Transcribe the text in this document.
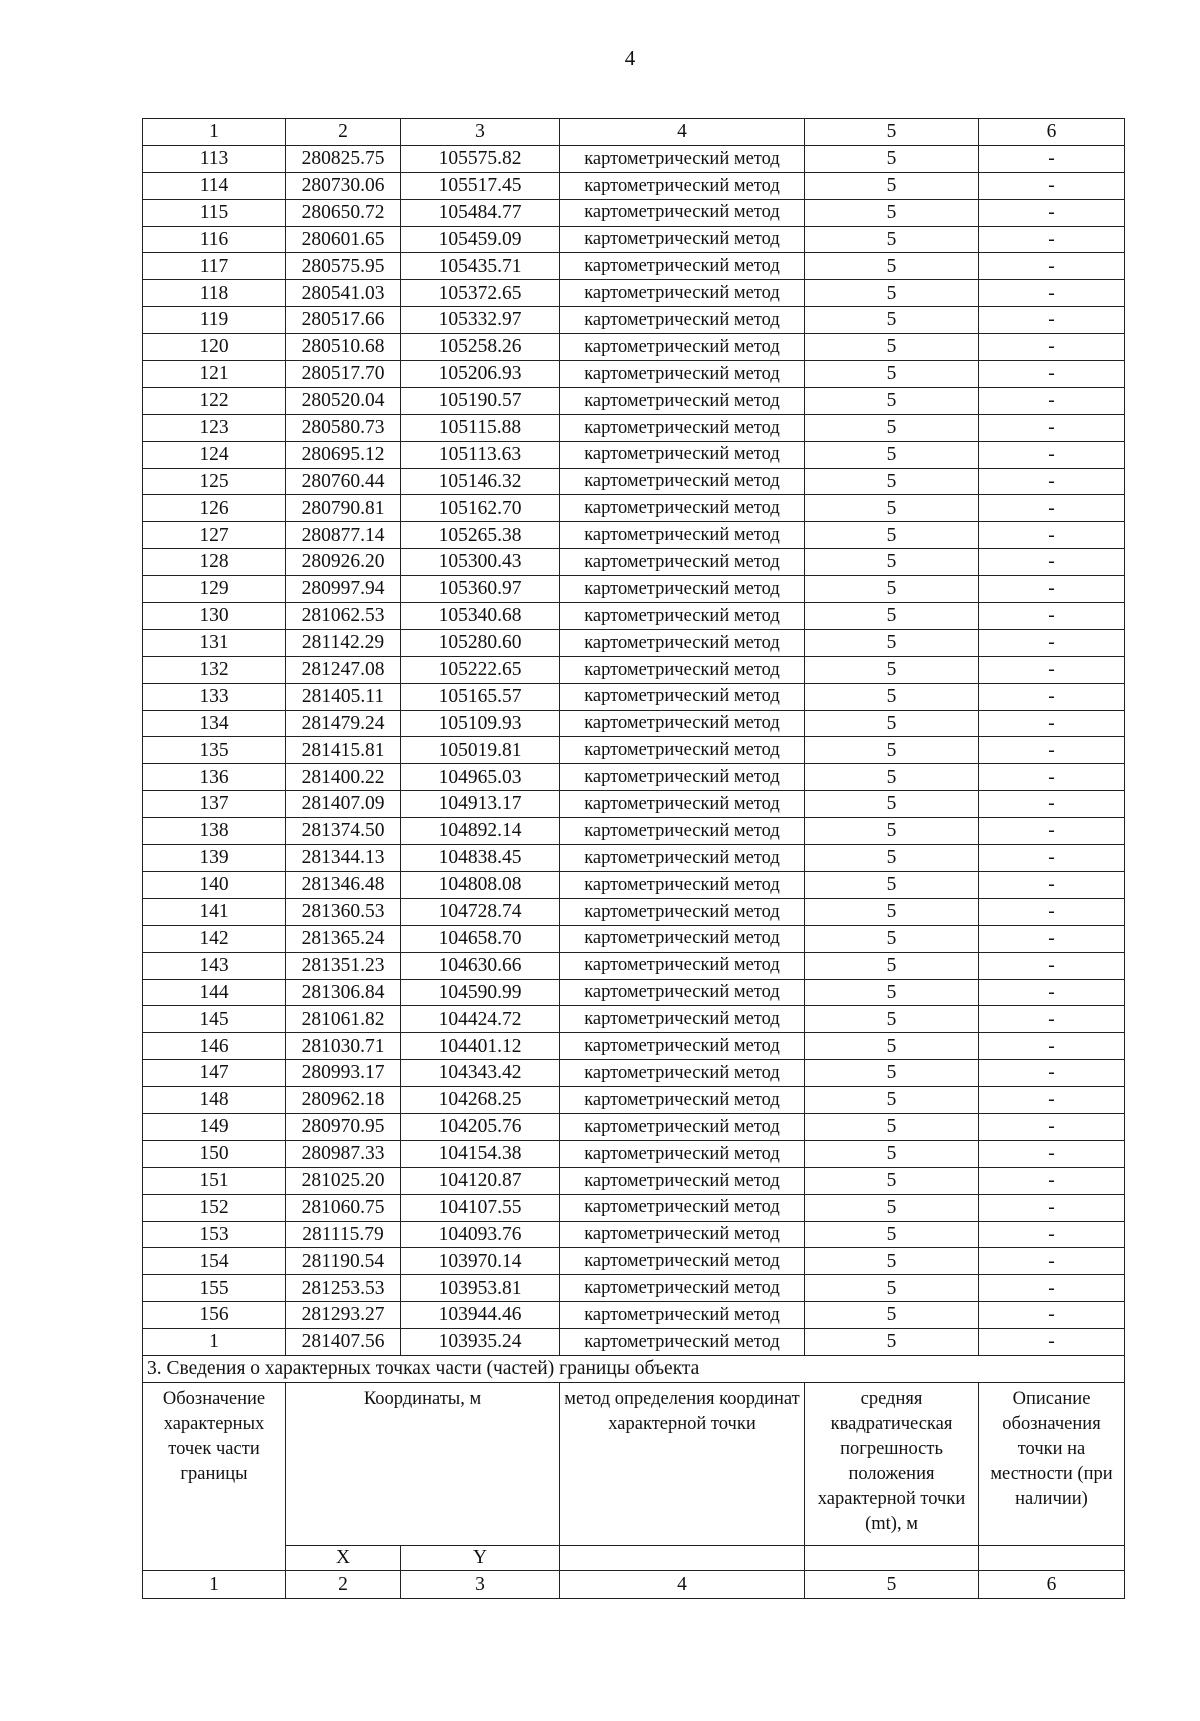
4
1	2	3	4	5	6
113	280825.75	105575.82	картометрический метод	5	-
114	280730.06	105517.45	картометрический метод	5	-
115	280650.72	105484.77	картометрический метод	5	-
116	280601.65	105459.09	картометрический метод	5	-
117	280575.95	105435.71	картометрический метод	5	-
118	280541.03	105372.65	картометрический метод	5	-
119	280517.66	105332.97	картометрический метод	5	-
120	280510.68	105258.26	картометрический метод	5	-
121	280517.70	105206.93	картометрический метод	5	-
122	280520.04	105190.57	картометрический метод	5	-
123	280580.73	105115.88	картометрический метод	5	-
124	280695.12	105113.63	картометрический метод	5	-
125	280760.44	105146.32	картометрический метод	5	-
126	280790.81	105162.70	картометрический метод	5	-
127	280877.14	105265.38	картометрический метод	5	-
128	280926.20	105300.43	картометрический метод	5	-
129	280997.94	105360.97	картометрический метод	5	-
130	281062.53	105340.68	картометрический метод	5	-
131	281142.29	105280.60	картометрический метод	5	-
132	281247.08	105222.65	картометрический метод	5	-
133	281405.11	105165.57	картометрический метод	5	-
134	281479.24	105109.93	картометрический метод	5	-
135	281415.81	105019.81	картометрический метод	5	-
136	281400.22	104965.03	картометрический метод	5	-
137	281407.09	104913.17	картометрический метод	5	-
138	281374.50	104892.14	картометрический метод	5	-
139	281344.13	104838.45	картометрический метод	5	-
140	281346.48	104808.08	картометрический метод	5	-
141	281360.53	104728.74	картометрический метод	5	-
142	281365.24	104658.70	картометрический метод	5	-
143	281351.23	104630.66	картометрический метод	5	-
144	281306.84	104590.99	картометрический метод	5	-
145	281061.82	104424.72	картометрический метод	5	-
146	281030.71	104401.12	картометрический метод	5	-
147	280993.17	104343.42	картометрический метод	5	-
148	280962.18	104268.25	картометрический метод	5	-
149	280970.95	104205.76	картометрический метод	5	-
150	280987.33	104154.38	картометрический метод	5	-
151	281025.20	104120.87	картометрический метод	5	-
152	281060.75	104107.55	картометрический метод	5	-
153	281115.79	104093.76	картометрический метод	5	-
154	281190.54	103970.14	картометрический метод	5	-
155	281253.53	103953.81	картометрический метод	5	-
156	281293.27	103944.46	картометрический метод	5	-
1	281407.56	103935.24	картометрический метод	5	-
3. Сведения о характерных точках части (частей) границы объекта					
Обозначение характерных точек части границы	Координаты, м		метод определения координат характерной точки	средняя квадратическая погрешность положения характерной точки (mt), м	Описание обозначения точки на местности (при наличии)
	X	Y			
1	2	3	4	5	6
